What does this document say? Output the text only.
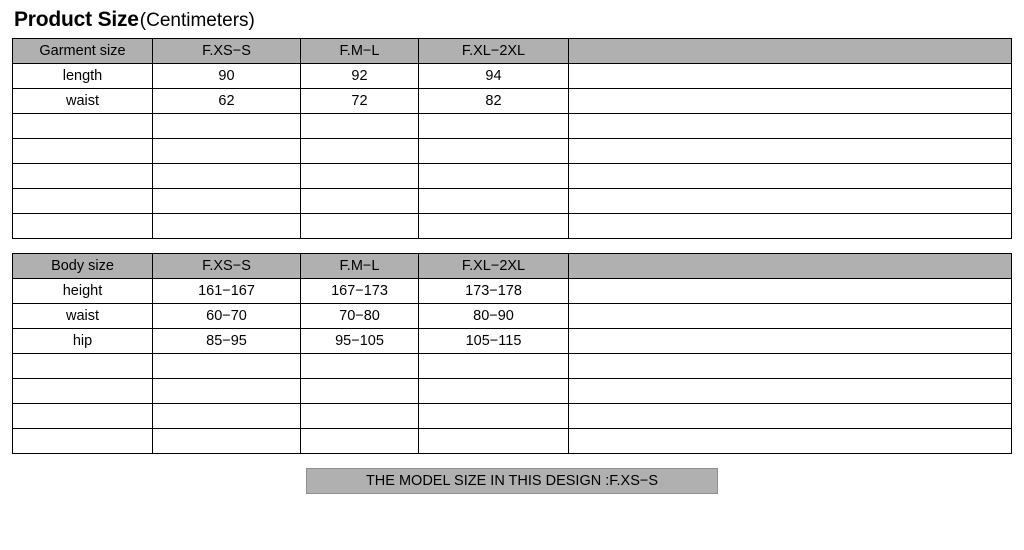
Product Size (Centimeters)
Garment size	F.XS−S	F.M−L	F.XL−2XL	
length	90	92	94	
waist	62	72	82	

Body size	F.XS−S	F.M−L	F.XL−2XL	
height	161−167	167−173	173−178	
waist	60−70	70−80	80−90	
hip	85−95	95−105	105−115	

THE MODEL SIZE IN THIS DESIGN :F.XS−S
